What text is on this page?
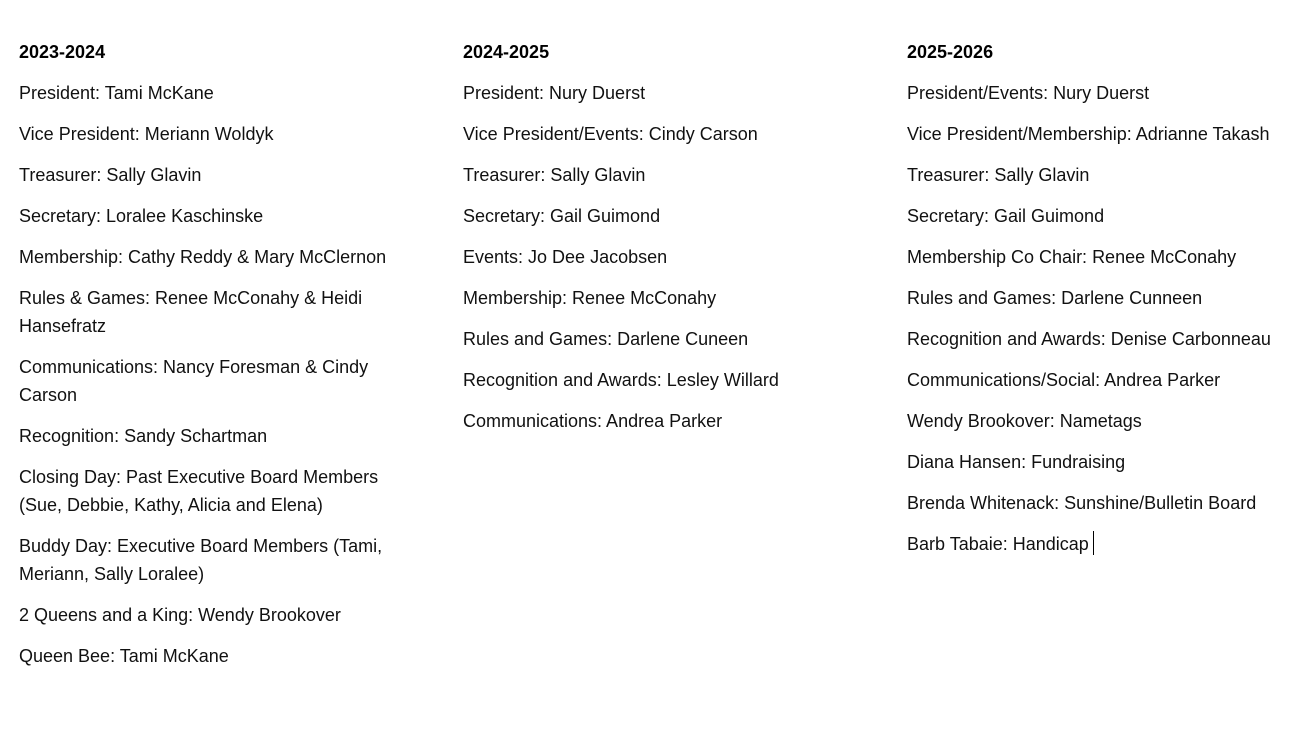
2023-2024
President: Tami McKane
Vice President: Meriann Woldyk
Treasurer: Sally Glavin
Secretary: Loralee Kaschinske
Membership: Cathy Reddy & Mary McClernon
Rules & Games: Renee McConahy & Heidi Hansefratz
Communications: Nancy Foresman & Cindy Carson
Recognition: Sandy Schartman
Closing Day: Past Executive Board Members (Sue, Debbie, Kathy, Alicia and Elena)
Buddy Day: Executive Board Members (Tami, Meriann, Sally Loralee)
2 Queens and a King: Wendy Brookover
Queen Bee: Tami McKane
2024-2025
President: Nury Duerst
Vice President/Events: Cindy Carson
Treasurer: Sally Glavin
Secretary: Gail Guimond
Events: Jo Dee Jacobsen
Membership: Renee McConahy
Rules and Games: Darlene Cuneen
Recognition and Awards: Lesley Willard
Communications: Andrea Parker
2025-2026
President/Events: Nury Duerst
Vice President/Membership: Adrianne Takash
Treasurer: Sally Glavin
Secretary: Gail Guimond
Membership Co Chair: Renee McConahy
Rules and Games: Darlene Cunneen
Recognition and Awards: Denise Carbonneau
Communications/Social: Andrea Parker
Wendy Brookover: Nametags
Diana Hansen: Fundraising
Brenda Whitenack: Sunshine/Bulletin Board
Barb Tabaie: Handicap
